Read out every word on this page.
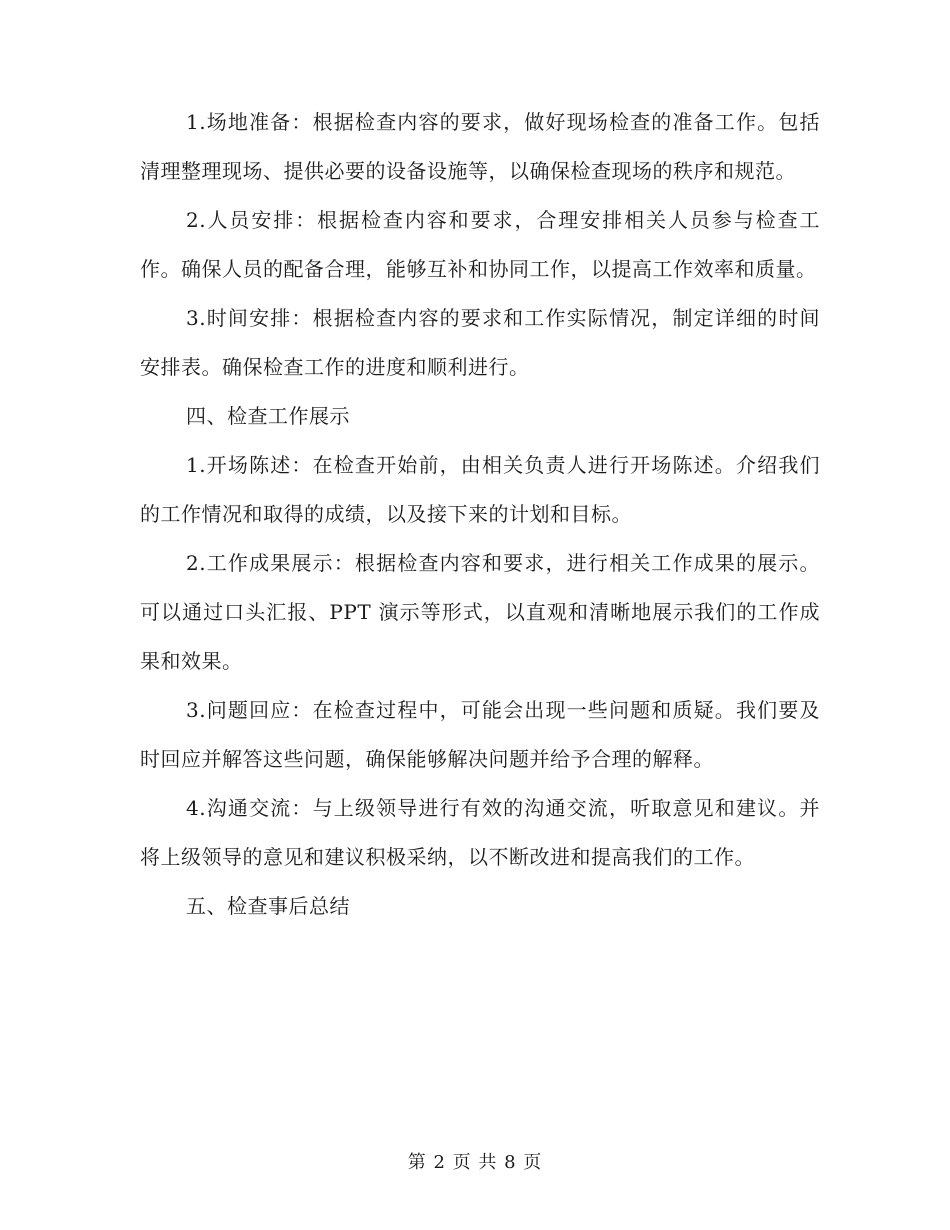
1.场地准备：根据检查内容的要求，做好现场检查的准备工作。包括清理整理现场、提供必要的设备设施等，以确保检查现场的秩序和规范。

2.人员安排：根据检查内容和要求，合理安排相关人员参与检查工作。确保人员的配备合理，能够互补和协同工作，以提高工作效率和质量。

3.时间安排：根据检查内容的要求和工作实际情况，制定详细的时间安排表。确保检查工作的进度和顺利进行。

四、检查工作展示

1.开场陈述：在检查开始前，由相关负责人进行开场陈述。介绍我们的工作情况和取得的成绩，以及接下来的计划和目标。

2.工作成果展示：根据检查内容和要求，进行相关工作成果的展示。可以通过口头汇报、PPT 演示等形式，以直观和清晰地展示我们的工作成果和效果。

3.问题回应：在检查过程中，可能会出现一些问题和质疑。我们要及时回应并解答这些问题，确保能够解决问题并给予合理的解释。

4.沟通交流：与上级领导进行有效的沟通交流，听取意见和建议。并将上级领导的意见和建议积极采纳，以不断改进和提高我们的工作。

五、检查事后总结

第 2 页 共 8 页
